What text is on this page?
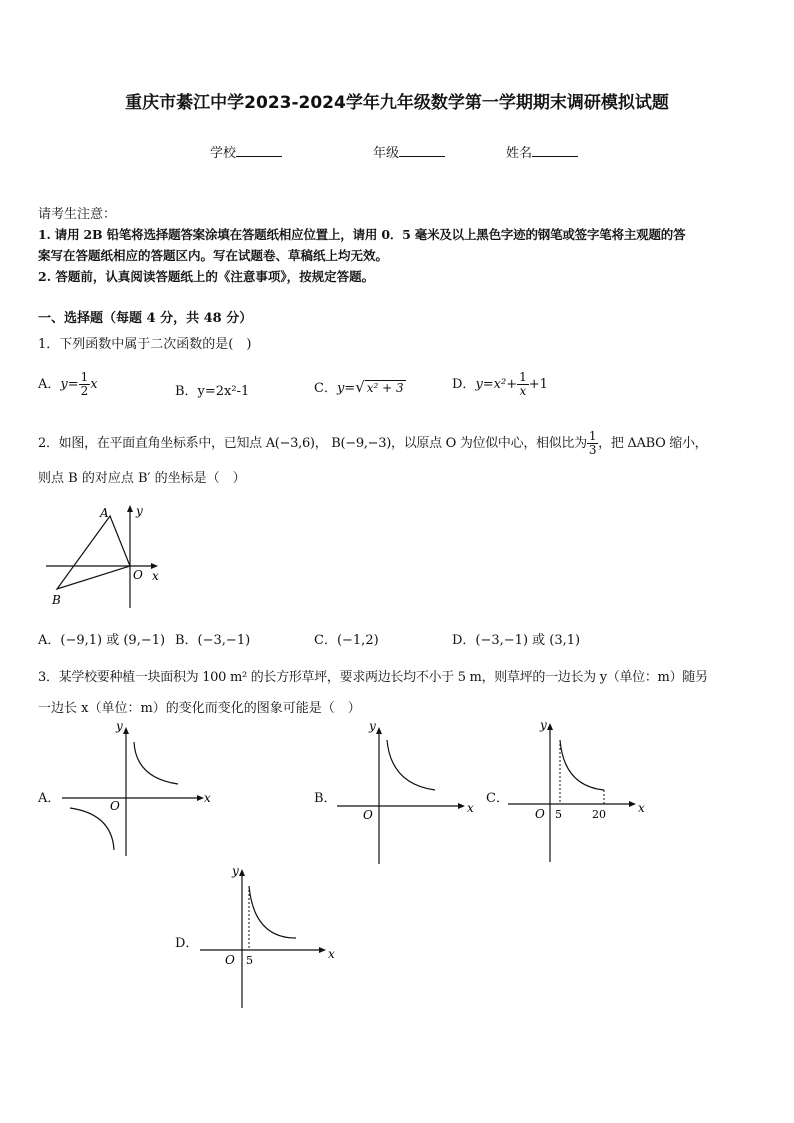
重庆市綦江中学2023-2024学年九年级数学第一学期期末调研模拟试题
学校	年级	姓名
请考生注意：
1. 请用 2B 铅笔将选择题答案涂填在答题纸相应位置上，请用 0．5 毫米及以上黑色字迹的钢笔或签字笔将主观题的答
案写在答题纸相应的答题区内。写在试题卷、草稿纸上均无效。
2. 答题前，认真阅读答题纸上的《注意事项》，按规定答题。
一、选择题（每题 4 分，共 48 分）
1．下列函数中属于二次函数的是(　)
A．$y= \frac{1}{2}$ x	B．y=2x²-1	C．y=√ x² + 3	D．$y=x^2+ \frac{1}{x} +1$
2．如图，在平面直角坐标系中，已知点 A(−3,6)， B(−9,−3)，以原点 O 为位似中心，相似比为 $\frac{1}{3}$ ，把 ΔABO 缩小，
则点 B 的对应点 B′ 的坐标是（　）
A
B
O x
y
A．(−9,1) 或 (9,−1) B．(−3,−1)	C．(−1,2)	D．(−3,−1) 或 (3,1)
3．某学校要种植一块面积为 100 m² 的长方形草坪，要求两边长均不小于 5 m，则草坪的一边长为 y（单位：m）随另
一边长 x（单位：m）的变化而变化的图象可能是（　）
A．
y
x
O	B．
y
x
O
C．
y
x
O 5	20
D．
y
x
O 5
